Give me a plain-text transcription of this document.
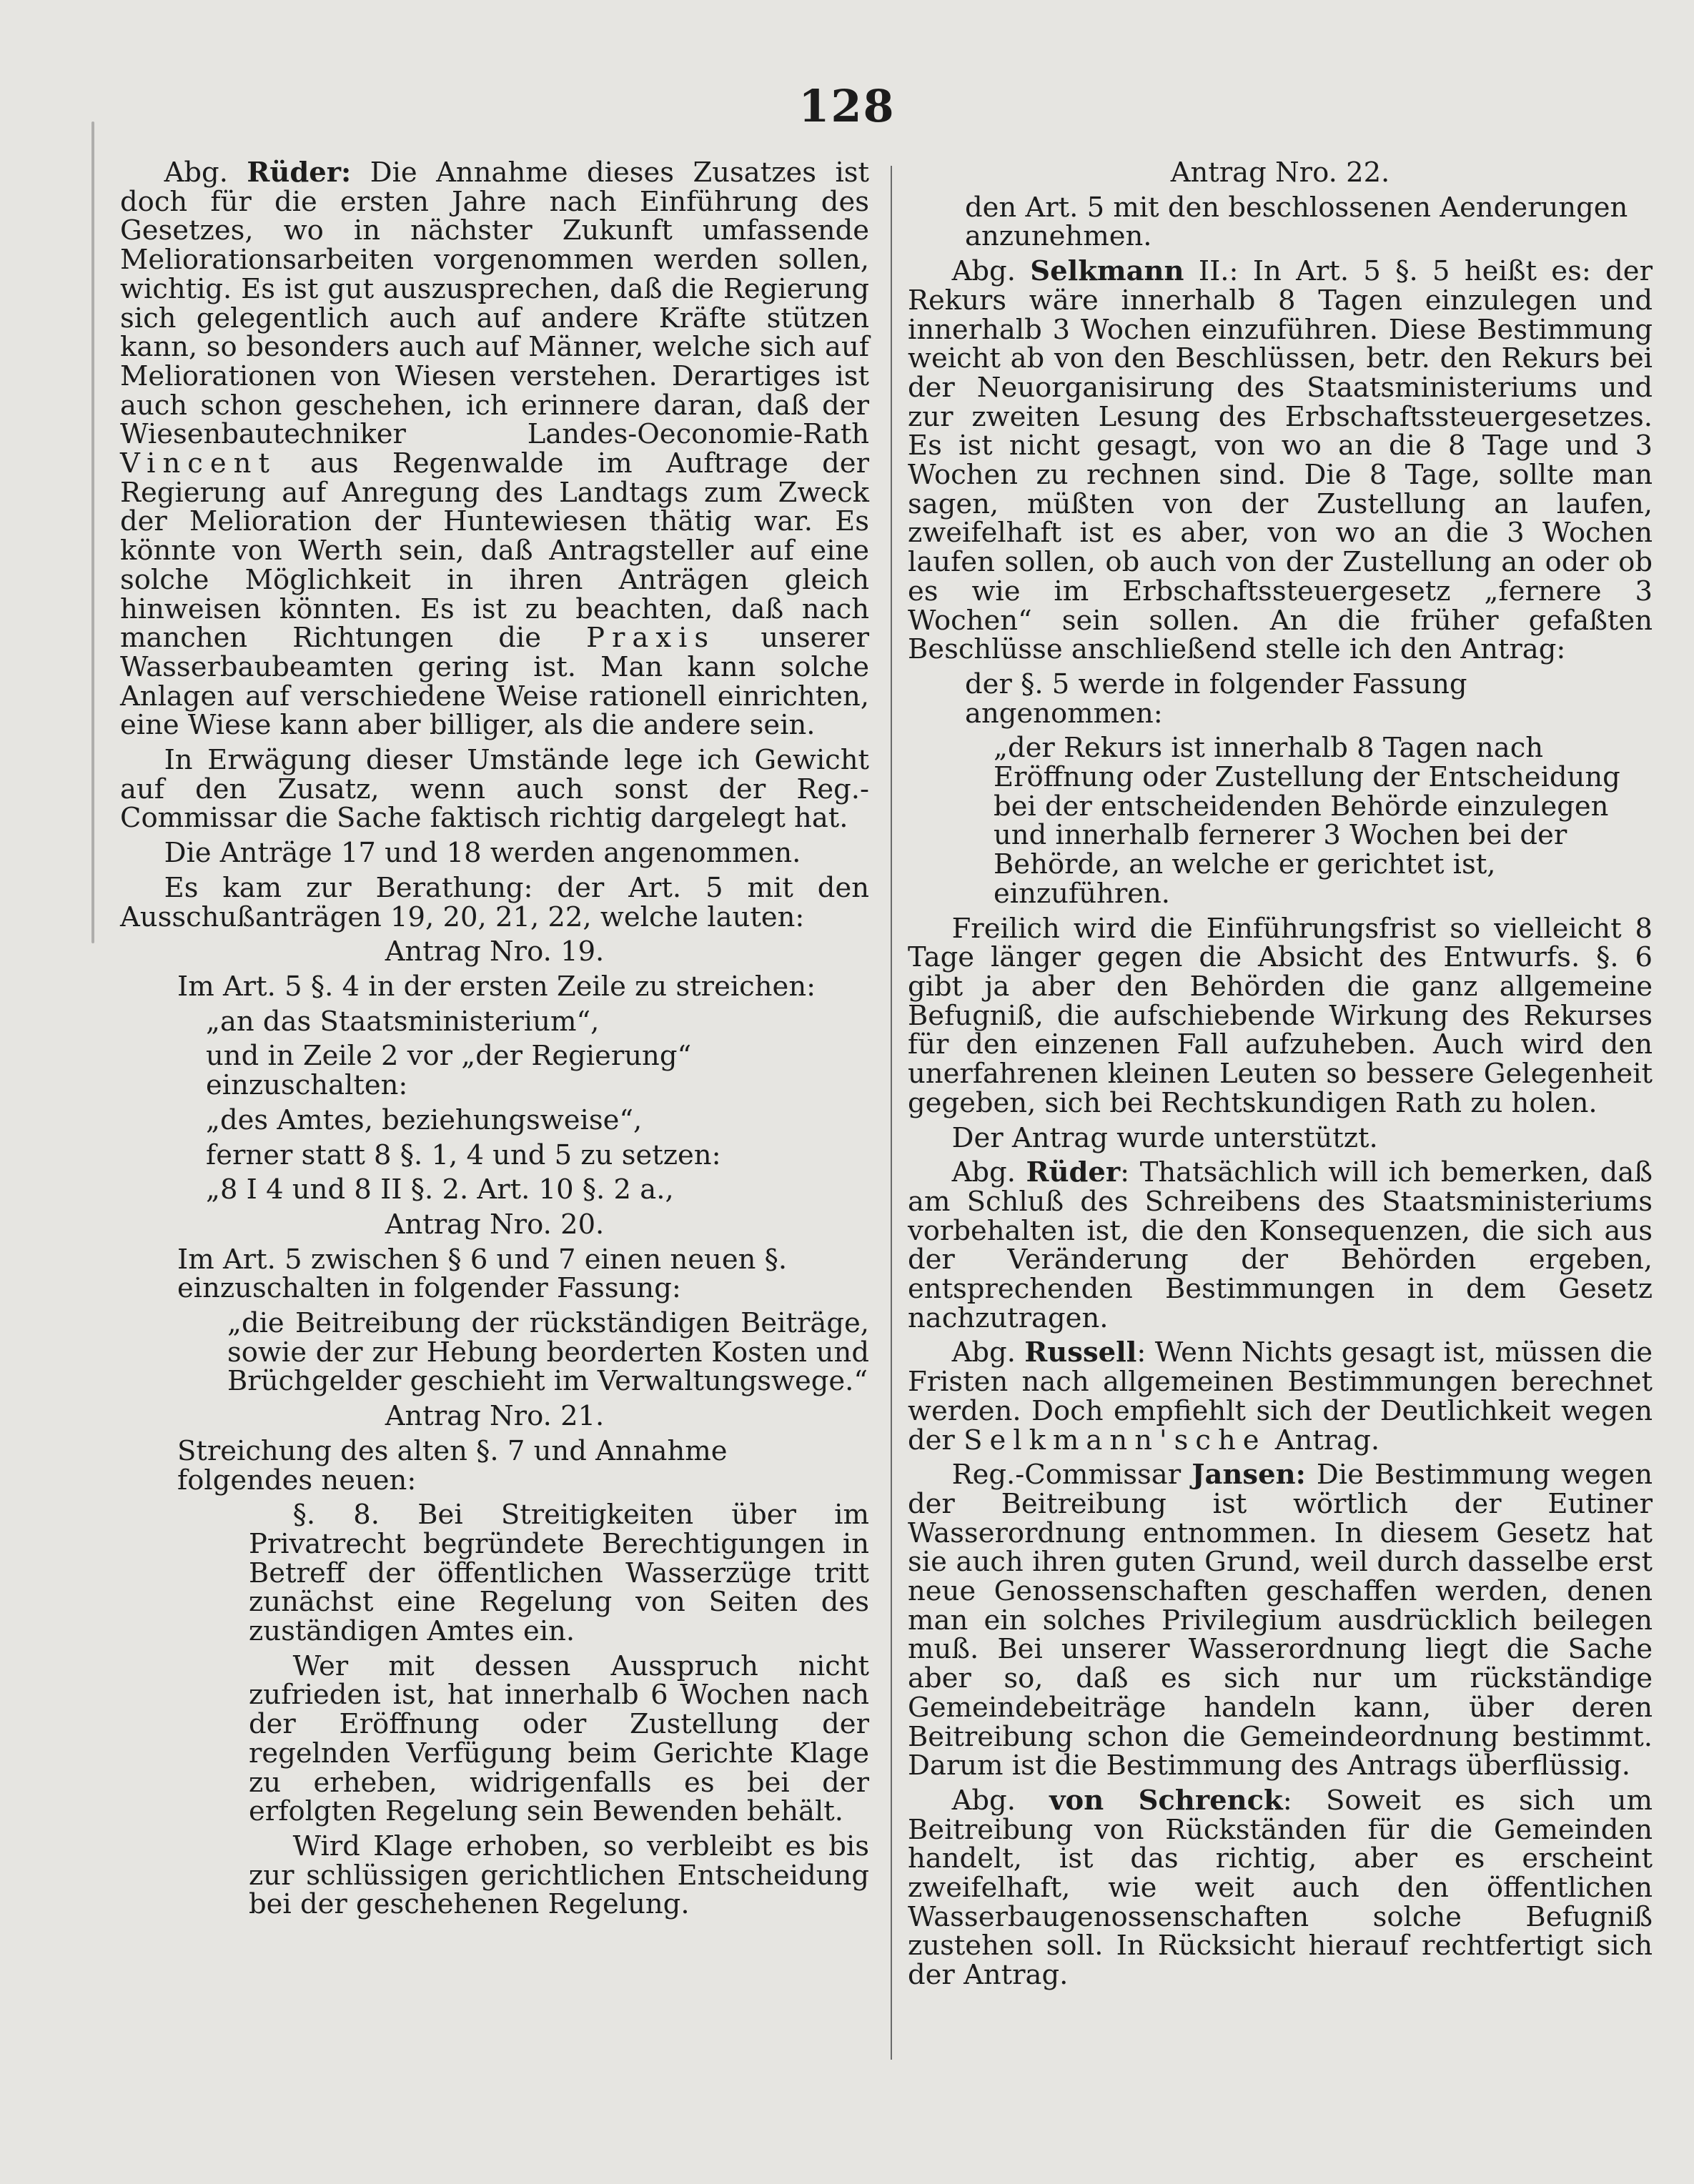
128

Abg. Rüder: Die Annahme dieses Zusatzes ist doch für die ersten Jahre nach Einführung des Gesetzes, wo in nächster Zukunft umfassende Meliorationsarbeiten vorgenommen werden sollen, wichtig. Es ist gut auszusprechen, daß die Regierung sich gelegentlich auch auf andere Kräfte stützen kann, so besonders auch auf Männer, welche sich auf Meliorationen von Wiesen verstehen. Derartiges ist auch schon geschehen, ich erinnere daran, daß der Wiesenbautechniker Landes-Oeconomie-Rath Vincent aus Regenwalde im Auftrage der Regierung auf Anregung des Landtags zum Zweck der Melioration der Huntewiesen thätig war. Es könnte von Werth sein, daß Antragsteller auf eine solche Möglichkeit in ihren Anträgen gleich hinweisen könnten. Es ist zu beachten, daß nach manchen Richtungen die Praxis unserer Wasserbaubeamten gering ist. Man kann solche Anlagen auf verschiedene Weise rationell einrichten, eine Wiese kann aber billiger, als die andere sein.

In Erwägung dieser Umstände lege ich Gewicht auf den Zusatz, wenn auch sonst der Reg.-Commissar die Sache faktisch richtig dargelegt hat.

Die Anträge 17 und 18 werden angenommen.

Es kam zur Berathung: der Art. 5 mit den Ausschußanträgen 19, 20, 21, 22, welche lauten:

Antrag Nro. 19.

Im Art. 5 §. 4 in der ersten Zeile zu streichen:

„an das Staatsministerium“,

und in Zeile 2 vor „der Regierung“ einzuschalten:

„des Amtes, beziehungsweise“,

ferner statt 8 §. 1, 4 und 5 zu setzen:

„8 I 4 und 8 II §. 2. Art. 10 §. 2 a.,

Antrag Nro. 20.

Im Art. 5 zwischen § 6 und 7 einen neuen §. einzuschalten in folgender Fassung:

„die Beitreibung der rückständigen Beiträge, sowie der zur Hebung beorderten Kosten und Brüchgelder geschieht im Verwaltungswege.“

Antrag Nro. 21.

Streichung des alten §. 7 und Annahme folgendes neuen:

§. 8. Bei Streitigkeiten über im Privatrecht begründete Berechtigungen in Betreff der öffentlichen Wasserzüge tritt zunächst eine Regelung von Seiten des zuständigen Amtes ein.

Wer mit dessen Ausspruch nicht zufrieden ist, hat innerhalb 6 Wochen nach der Eröffnung oder Zustellung der regelnden Verfügung beim Gerichte Klage zu erheben, widrigenfalls es bei der erfolgten Regelung sein Bewenden behält.

Wird Klage erhoben, so verbleibt es bis zur schlüssigen gerichtlichen Entscheidung bei der geschehenen Regelung.

Antrag Nro. 22.

den Art. 5 mit den beschlossenen Aenderungen anzunehmen.

Abg. Selkmann II.: In Art. 5 §. 5 heißt es: der Rekurs wäre innerhalb 8 Tagen einzulegen und innerhalb 3 Wochen einzuführen. Diese Bestimmung weicht ab von den Beschlüssen, betr. den Rekurs bei der Neuorganisirung des Staatsministeriums und zur zweiten Lesung des Erbschaftssteuergesetzes. Es ist nicht gesagt, von wo an die 8 Tage und 3 Wochen zu rechnen sind. Die 8 Tage, sollte man sagen, müßten von der Zustellung an laufen, zweifelhaft ist es aber, von wo an die 3 Wochen laufen sollen, ob auch von der Zustellung an oder ob es wie im Erbschaftssteuergesetz „fernere 3 Wochen“ sein sollen. An die früher gefaßten Beschlüsse anschließend stelle ich den Antrag:

der §. 5 werde in folgender Fassung angenommen:

„der Rekurs ist innerhalb 8 Tagen nach Eröffnung oder Zustellung der Entscheidung bei der entscheidenden Behörde einzulegen und innerhalb fernerer 3 Wochen bei der Behörde, an welche er gerichtet ist, einzuführen.

Freilich wird die Einführungsfrist so vielleicht 8 Tage länger gegen die Absicht des Entwurfs. §. 6 gibt ja aber den Behörden die ganz allgemeine Befugniß, die aufschiebende Wirkung des Rekurses für den einzenen Fall aufzuheben. Auch wird den unerfahrenen kleinen Leuten so bessere Gelegenheit gegeben, sich bei Rechtskundigen Rath zu holen.

Der Antrag wurde unterstützt.

Abg. Rüder: Thatsächlich will ich bemerken, daß am Schluß des Schreibens des Staatsministeriums vorbehalten ist, die den Konsequenzen, die sich aus der Veränderung der Behörden ergeben, entsprechenden Bestimmungen in dem Gesetz nachzutragen.

Abg. Russell: Wenn Nichts gesagt ist, müssen die Fristen nach allgemeinen Bestimmungen berechnet werden. Doch empfiehlt sich der Deutlichkeit wegen der Selkmann'sche Antrag.

Reg.-Commissar Jansen: Die Bestimmung wegen der Beitreibung ist wörtlich der Eutiner Wasserordnung entnommen. In diesem Gesetz hat sie auch ihren guten Grund, weil durch dasselbe erst neue Genossenschaften geschaffen werden, denen man ein solches Privilegium ausdrücklich beilegen muß. Bei unserer Wasserordnung liegt die Sache aber so, daß es sich nur um rückständige Gemeindebeiträge handeln kann, über deren Beitreibung schon die Gemeindeordnung bestimmt. Darum ist die Bestimmung des Antrags überflüssig.

Abg. von Schrenck: Soweit es sich um Beitreibung von Rückständen für die Gemeinden handelt, ist das richtig, aber es erscheint zweifelhaft, wie weit auch den öffentlichen Wasserbaugenossenschaften solche Befugniß zustehen soll. In Rücksicht hierauf rechtfertigt sich der Antrag.
